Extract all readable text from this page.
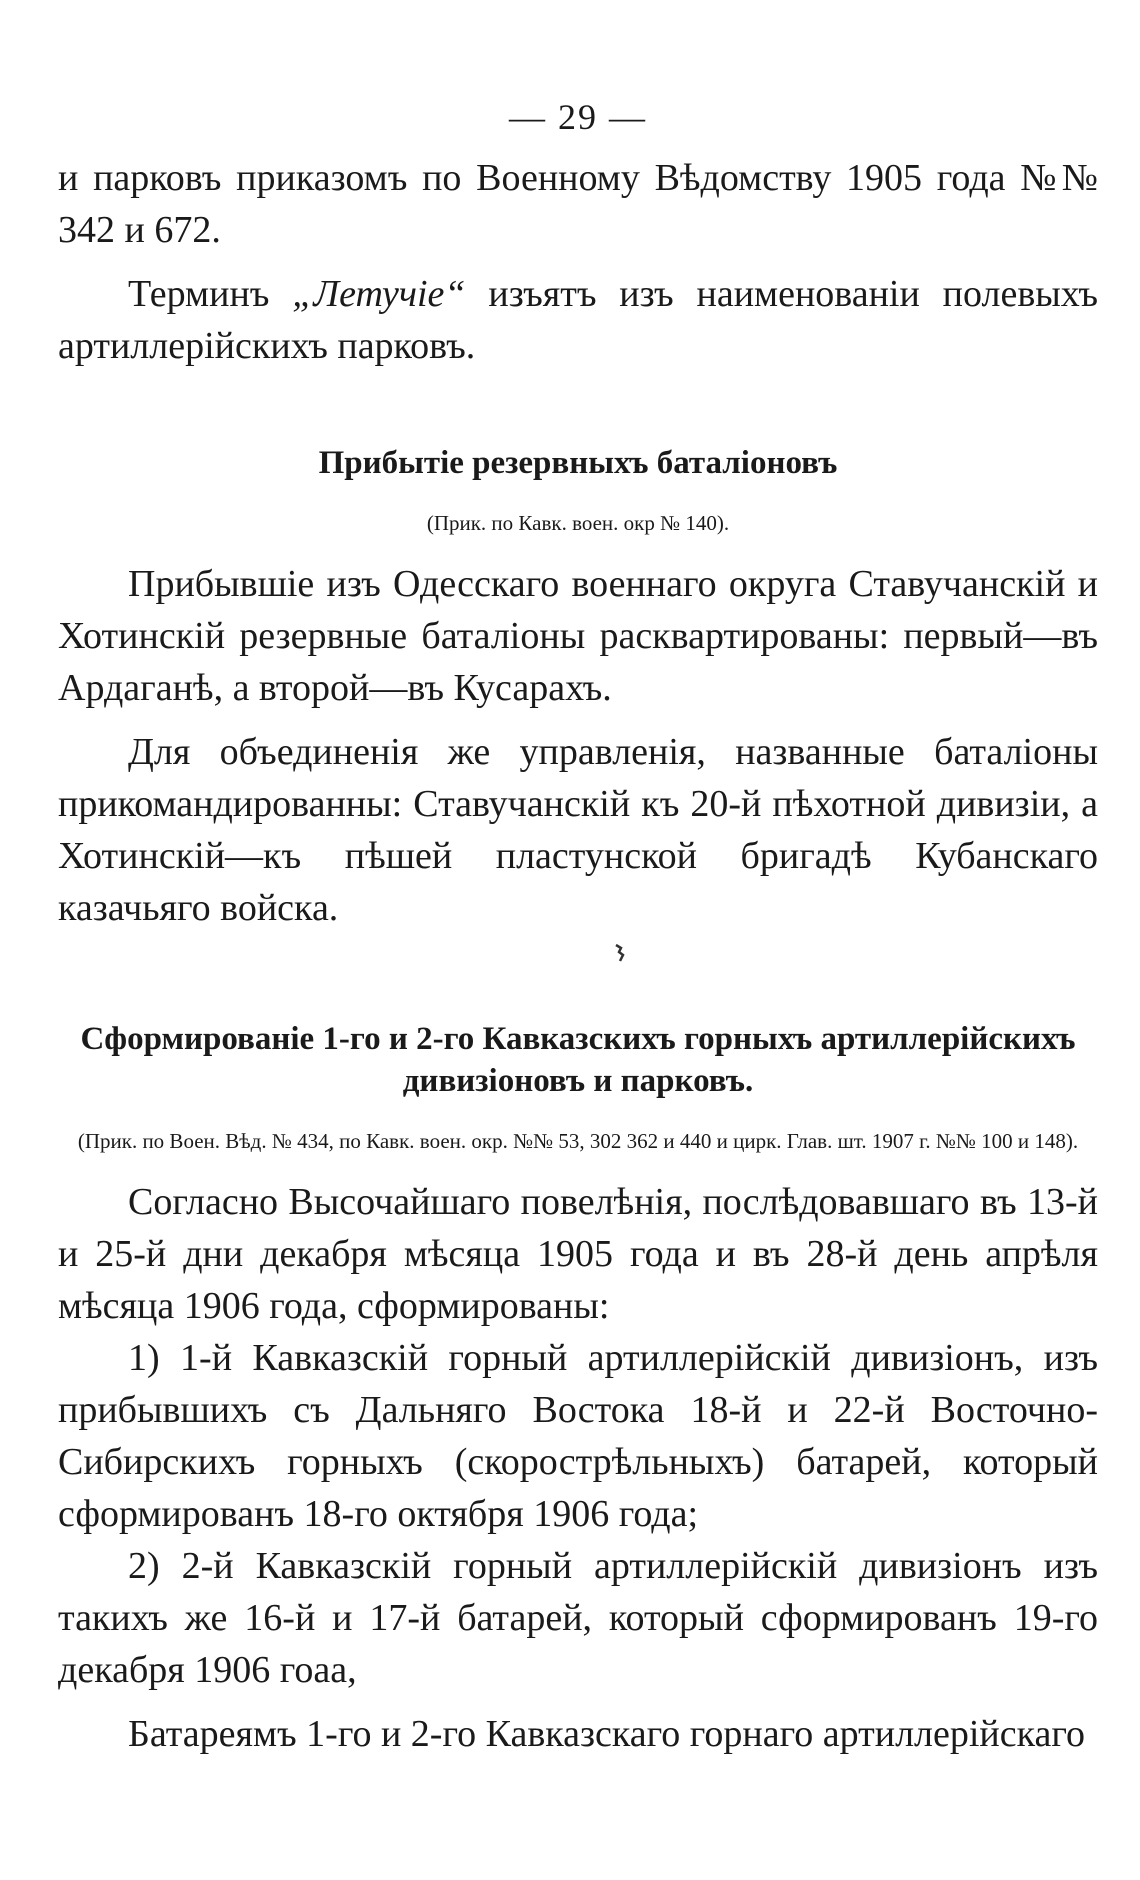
— 29 —

и парковъ приказомъ по Военному Вѣдомству 1905 года №№ 342 и 672.

Терминъ „Летучiе“ изъятъ изъ наименованiи полевыхъ артиллерiйскихъ парковъ.

Прибытiе резервныхъ баталiоновъ
(Прик. по Кавк. воен. окр № 140).

Прибывшiе изъ Одесскаго военнаго округа Ставучанскiй и Хотинскiй резервные баталiоны расквартированы: первый—въ Ардаганѣ, а второй—въ Кусарахъ.

Для объединенiя же управленiя, названные баталiоны прикомандированны: Ставучанскiй къ 20-й пѣхотной дивизiи, а Хотинскiй—къ пѣшей пластунской бригадѣ Кубанскаго казачьяго войска.

Сформированiе 1-го и 2-го Кавказскихъ горныхъ артиллерiйскихъ дивизiоновъ и парковъ.
(Прик. по Воен. Вѣд. № 434, по Кавк. воен. окр. №№ 53, 302 362 и 440 и цирк. Глав. шт. 1907 г. №№ 100 и 148).

Согласно Высочайшаго повелѣнiя, послѣдовавшаго въ 13-й и 25-й дни декабря мѣсяца 1905 года и въ 28-й день апрѣля мѣсяца 1906 года, сформированы:

1) 1-й Кавказскiй горный артиллерiйскiй дивизiонъ, изъ прибывшихъ съ Дальняго Востока 18-й и 22-й Восточно-Сибирскихъ горныхъ (скорострѣльныхъ) батарей, который сформированъ 18-го октября 1906 года;

2) 2-й Кавказскiй горный артиллерiйскiй дивизiонъ изъ такихъ же 16-й и 17-й батарей, который сформированъ 19-го декабря 1906 гоаа,

Батареямъ 1-го и 2-го Кавказскаго горнаго артиллерiйскаго
